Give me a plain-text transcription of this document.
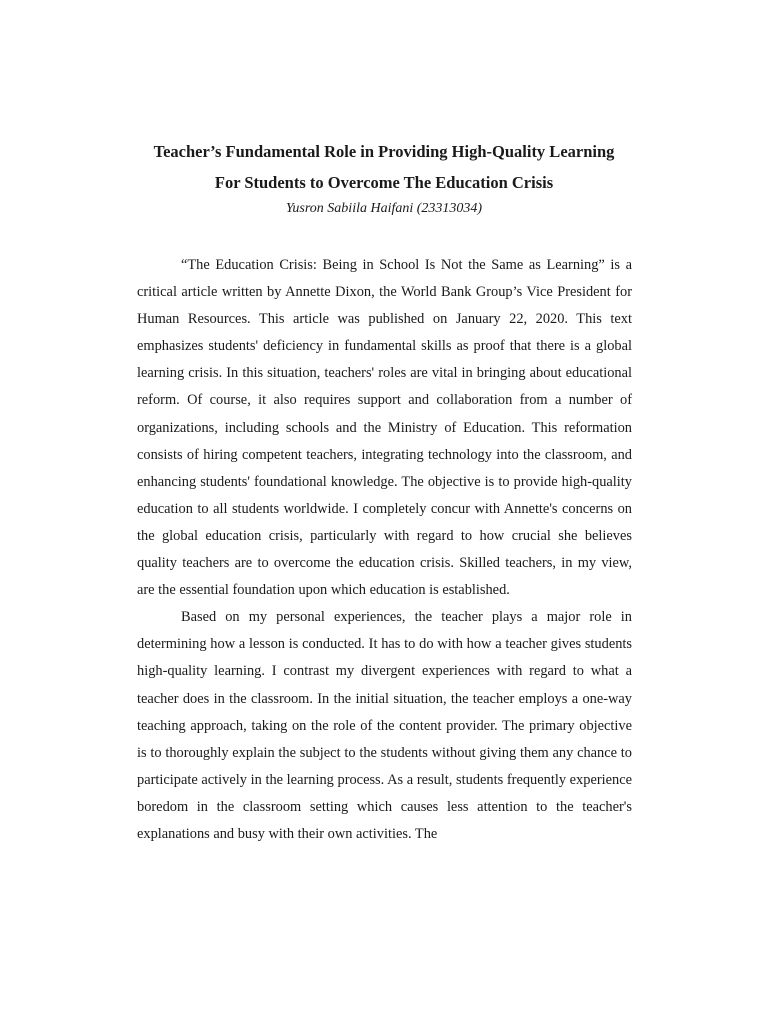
Teacher’s Fundamental Role in Providing High-Quality Learning
For Students to Overcome The Education Crisis
Yusron Sabiila Haifani (23313034)

“The Education Crisis: Being in School Is Not the Same as Learning” is a critical article written by Annette Dixon, the World Bank Group’s Vice President for Human Resources. This article was published on January 22, 2020. This text emphasizes students' deficiency in fundamental skills as proof that there is a global learning crisis. In this situation, teachers' roles are vital in bringing about educational reform. Of course, it also requires support and collaboration from a number of organizations, including schools and the Ministry of Education. This reformation consists of hiring competent teachers, integrating technology into the classroom, and enhancing students' foundational knowledge. The objective is to provide high-quality education to all students worldwide. I completely concur with Annette's concerns on the global education crisis, particularly with regard to how crucial she believes quality teachers are to overcome the education crisis. Skilled teachers, in my view, are the essential foundation upon which education is established.

Based on my personal experiences, the teacher plays a major role in determining how a lesson is conducted. It has to do with how a teacher gives students high-quality learning. I contrast my divergent experiences with regard to what a teacher does in the classroom. In the initial situation, the teacher employs a one-way teaching approach, taking on the role of the content provider. The primary objective is to thoroughly explain the subject to the students without giving them any chance to participate actively in the learning process. As a result, students frequently experience boredom in the classroom setting which causes less attention to the teacher's explanations and busy with their own activities. The
